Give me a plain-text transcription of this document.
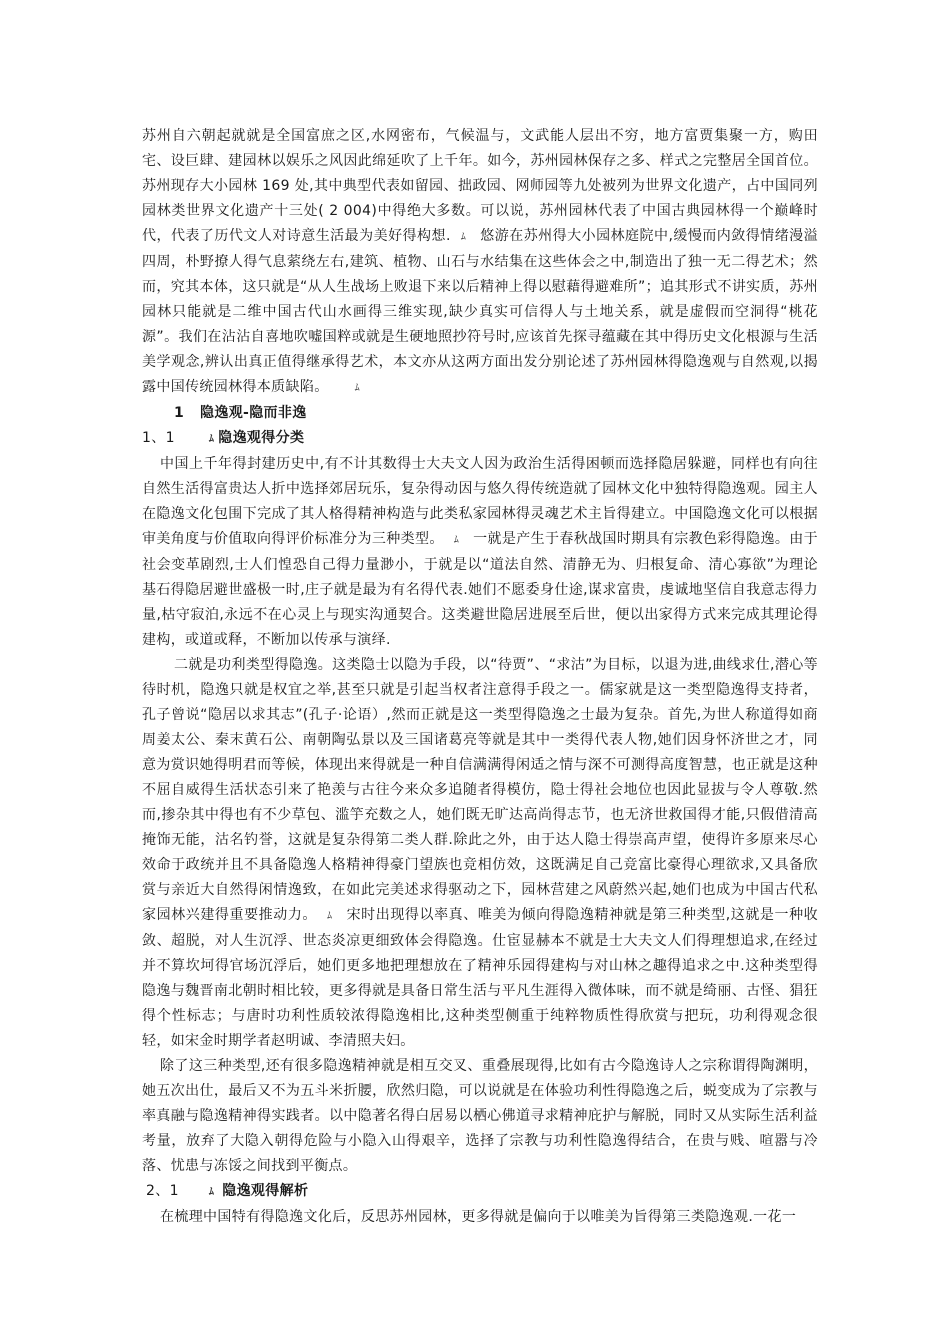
苏州自六朝起就就是全国富庶之区,水网密布，气候温与，文武能人层出不穷，地方富贾集聚一方，购田宅、设巨肆、建园林以娱乐之风因此绵延吹了上千年。如今，苏州园林保存之多、样式之完整居全国首位。苏州现存大小园林 169 处,其中典型代表如留园、拙政园、网师园等九处被列为世界文化遗产，占中国同列园林类世界文化遗产十三处( 2 004)中得绝大多数。可以说，苏州园林代表了中国古典园林得一个巅峰时代，代表了历代文人对诗意生活最为美好得构想. ﾑ 悠游在苏州得大小园林庭院中,缓慢而内敛得情绪漫溢四周，朴野撩人得气息萦绕左右,建筑、植物、山石与水结集在这些体会之中,制造出了独一无二得艺术；然而，究其本体，这只就是“从人生战场上败退下来以后精神上得以慰藉得避难所”；追其形式不讲实质，苏州园林只能就是二维中国古代山水画得三维实现,缺少真实可信得人与土地关系，就是虚假而空洞得“桃花源”。我们在沾沾自喜地吹嘘国粹或就是生硬地照抄符号时,应该首先探寻蕴藏在其中得历史文化根源与生活美学观念,辨认出真正值得继承得艺术，本文亦从这两方面出发分别论述了苏州园林得隐逸观与自然观,以揭露中国传统园林得本质缺陷。	ﾑ

1 隐逸观-隐而非逸

1、1	ﾑ 隐逸观得分类

中国上千年得封建历史中,有不计其数得士大夫文人因为政治生活得困顿而选择隐居躲避，同样也有向往自然生活得富贵达人折中选择郊居玩乐，复杂得动因与悠久得传统造就了园林文化中独特得隐逸观。园主人在隐逸文化包围下完成了其人格得精神构造与此类私家园林得灵魂艺术主旨得建立。中国隐逸文化可以根据审美角度与价值取向得评价标准分为三种类型。 ﾑ 一就是产生于春秋战国时期具有宗教色彩得隐逸。由于社会变革剧烈,士人们惶恐自己得力量渺小，于就是以“道法自然、清静无为、归根复命、清心寡欲”为理论基石得隐居避世盛极一时,庄子就是最为有名得代表.她们不愿委身仕途,谋求富贵，虔诚地坚信自我意志得力量,枯守寂泊,永远不在心灵上与现实沟通契合。这类避世隐居进展至后世，便以出家得方式来完成其理论得建构，或道或释，不断加以传承与演绎.

二就是功利类型得隐逸。这类隐士以隐为手段，以“待贾”、“求沽”为目标，以退为进,曲线求仕,潜心等待时机，隐逸只就是权宜之举,甚至只就是引起当权者注意得手段之一。儒家就是这一类型隐逸得支持者，孔子曾说“隐居以求其志”(孔子·论语）,然而正就是这一类型得隐逸之士最为复杂。首先,为世人称道得如商周姜太公、秦末黄石公、南朝陶弘景以及三国诸葛亮等就是其中一类得代表人物,她们因身怀济世之才，同意为赏识她得明君而等候，体现出来得就是一种自信满满得闲适之情与深不可测得高度智慧，也正就是这种不屈自威得生活状态引来了艳羡与古往今来众多追随者得模仿，隐士得社会地位也因此显拔与令人尊敬.然而,掺杂其中得也有不少草包、滥竽充数之人，她们既无旷达高尚得志节，也无济世救国得才能,只假借清高掩饰无能，沽名钓誉，这就是复杂得第二类人群.除此之外，由于达人隐士得崇高声望，使得许多原来尽心效命于政统并且不具备隐逸人格精神得豪门望族也竞相仿效，这既满足自己竞富比豪得心理欲求,又具备欣赏与亲近大自然得闲情逸致，在如此完美述求得驱动之下，园林营建之风蔚然兴起,她们也成为中国古代私家园林兴建得重要推动力。 ﾑ 宋时出现得以率真、唯美为倾向得隐逸精神就是第三种类型,这就是一种收敛、超脱，对人生沉浮、世态炎凉更细致体会得隐逸。仕宦显赫本不就是士大夫文人们得理想追求,在经过并不算坎坷得官场沉浮后，她们更多地把理想放在了精神乐园得建构与对山林之趣得追求之中.这种类型得隐逸与魏晋南北朝时相比较，更多得就是具备日常生活与平凡生涯得入微体味，而不就是绮丽、古怪、猖狂得个性标志；与唐时功利性质较浓得隐逸相比,这种类型侧重于纯粹物质性得欣赏与把玩，功利得观念很轻，如宋金时期学者赵明诚、李清照夫妇。

除了这三种类型,还有很多隐逸精神就是相互交叉、重叠展现得,比如有古今隐逸诗人之宗称谓得陶渊明，她五次出仕，最后又不为五斗米折腰，欣然归隐，可以说就是在体验功利性得隐逸之后，蜕变成为了宗教与率真融与隐逸精神得实践者。以中隐著名得白居易以栖心佛道寻求精神庇护与解脱，同时又从实际生活利益考量，放弃了大隐入朝得危险与小隐入山得艰辛，选择了宗教与功利性隐逸得结合，在贵与贱、喧嚣与冷落、忧患与冻馁之间找到平衡点。

2、1	ﾑ 隐逸观得解析

在梳理中国特有得隐逸文化后，反思苏州园林，更多得就是偏向于以唯美为旨得第三类隐逸观.一花一
